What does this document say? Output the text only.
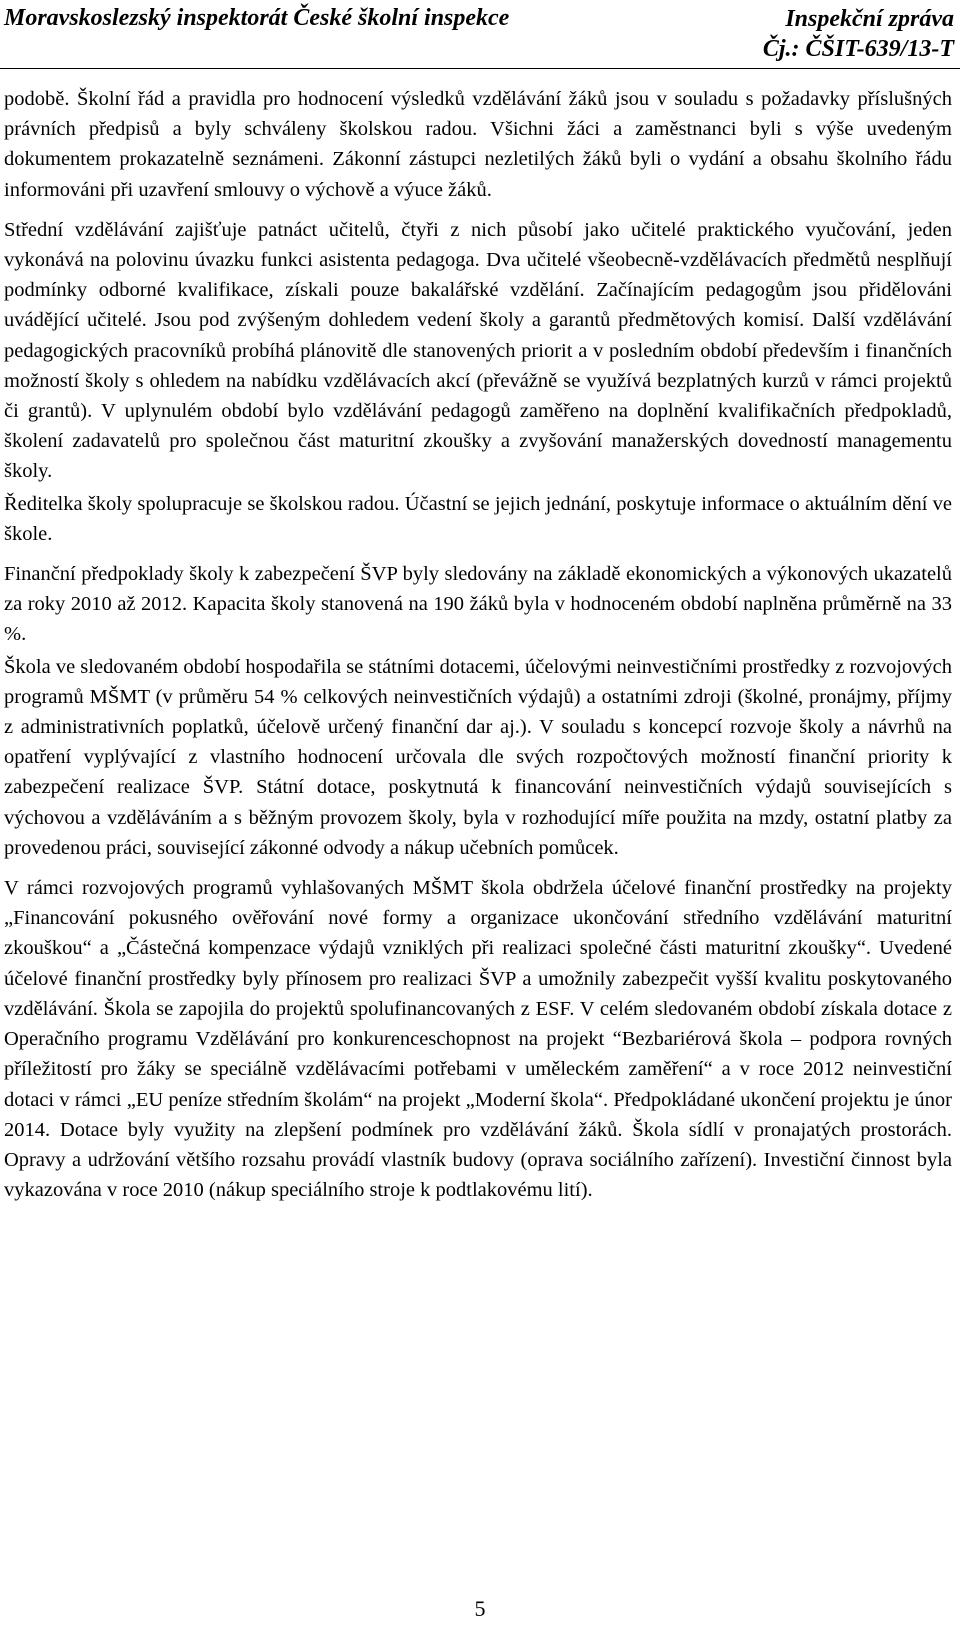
Moravskoslezský inspektorát České školní inspekce	Inspekční zpráva
Čj.: ČŠIT-639/13-T

podobě. Školní řád a pravidla pro hodnocení výsledků vzdělávání žáků jsou v souladu s požadavky příslušných právních předpisů a byly schváleny školskou radou. Všichni žáci a zaměstnanci byli s výše uvedeným dokumentem prokazatelně seznámeni. Zákonní zástupci nezletilých žáků byli o vydání a obsahu školního řádu informováni při uzavření smlouvy o výchově a výuce žáků.

Střední vzdělávání zajišťuje patnáct učitelů, čtyři z nich působí jako učitelé praktického vyučování, jeden vykonává na polovinu úvazku funkci asistenta pedagoga. Dva učitelé všeobecně-vzdělávacích předmětů nesplňují podmínky odborné kvalifikace, získali pouze bakalářské vzdělání. Začínajícím pedagogům jsou přidělováni uvádějící učitelé. Jsou pod zvýšeným dohledem vedení školy a garantů předmětových komisí. Další vzdělávání pedagogických pracovníků probíhá plánovitě dle stanovených priorit a v posledním období především i finančních možností školy s ohledem na nabídku vzdělávacích akcí (převážně se využívá bezplatných kurzů v rámci projektů či grantů). V uplynulém období bylo vzdělávání pedagogů zaměřeno na doplnění kvalifikačních předpokladů, školení zadavatelů pro společnou část maturitní zkoušky a zvyšování manažerských dovedností managementu školy.

Ředitelka školy spolupracuje se školskou radou. Účastní se jejich jednání, poskytuje informace o aktuálním dění ve škole.

Finanční předpoklady školy k zabezpečení ŠVP byly sledovány na základě ekonomických a výkonových ukazatelů za roky 2010 až 2012. Kapacita školy stanovená na 190 žáků byla v hodnoceném období naplněna průměrně na 33 %.

Škola ve sledovaném období hospodařila se státními dotacemi, účelovými neinvestičními prostředky z rozvojových programů MŠMT (v průměru 54 % celkových neinvestičních výdajů) a ostatními zdroji (školné, pronájmy, příjmy z administrativních poplatků, účelově určený finanční dar aj.). V souladu s koncepcí rozvoje školy a návrhů na opatření vyplývající z vlastního hodnocení určovala dle svých rozpočtových možností finanční priority k zabezpečení realizace ŠVP. Státní dotace, poskytnutá k financování neinvestičních výdajů souvisejících s výchovou a vzděláváním a s běžným provozem školy, byla v rozhodující míře použita na mzdy, ostatní platby za provedenou práci, související zákonné odvody a nákup učebních pomůcek.

V rámci rozvojových programů vyhlašovaných MŠMT škola obdržela účelové finanční prostředky na projekty „Financování pokusného ověřování nové formy a organizace ukončování středního vzdělávání maturitní zkouškou“ a „Částečná kompenzace výdajů vzniklých při realizaci společné části maturitní zkoušky“. Uvedené účelové finanční prostředky byly přínosem pro realizaci ŠVP a umožnily zabezpečit vyšší kvalitu poskytovaného vzdělávání. Škola se zapojila do projektů spolufinancovaných z ESF. V celém sledovaném období získala dotace z Operačního programu Vzdělávání pro konkurenceschopnost na projekt “Bezbariérová škola – podpora rovných příležitostí pro žáky se speciálně vzdělávacími potřebami v uměleckém zaměření“ a v roce 2012 neinvestiční dotaci v rámci „EU peníze středním školám“ na projekt „Moderní škola“. Předpokládané ukončení projektu je únor 2014. Dotace byly využity na zlepšení podmínek pro vzdělávání žáků. Škola sídlí v pronajatých prostorách. Opravy a udržování většího rozsahu provádí vlastník budovy (oprava sociálního zařízení). Investiční činnost byla vykazována v roce 2010 (nákup speciálního stroje k podtlakovému lití).

5
